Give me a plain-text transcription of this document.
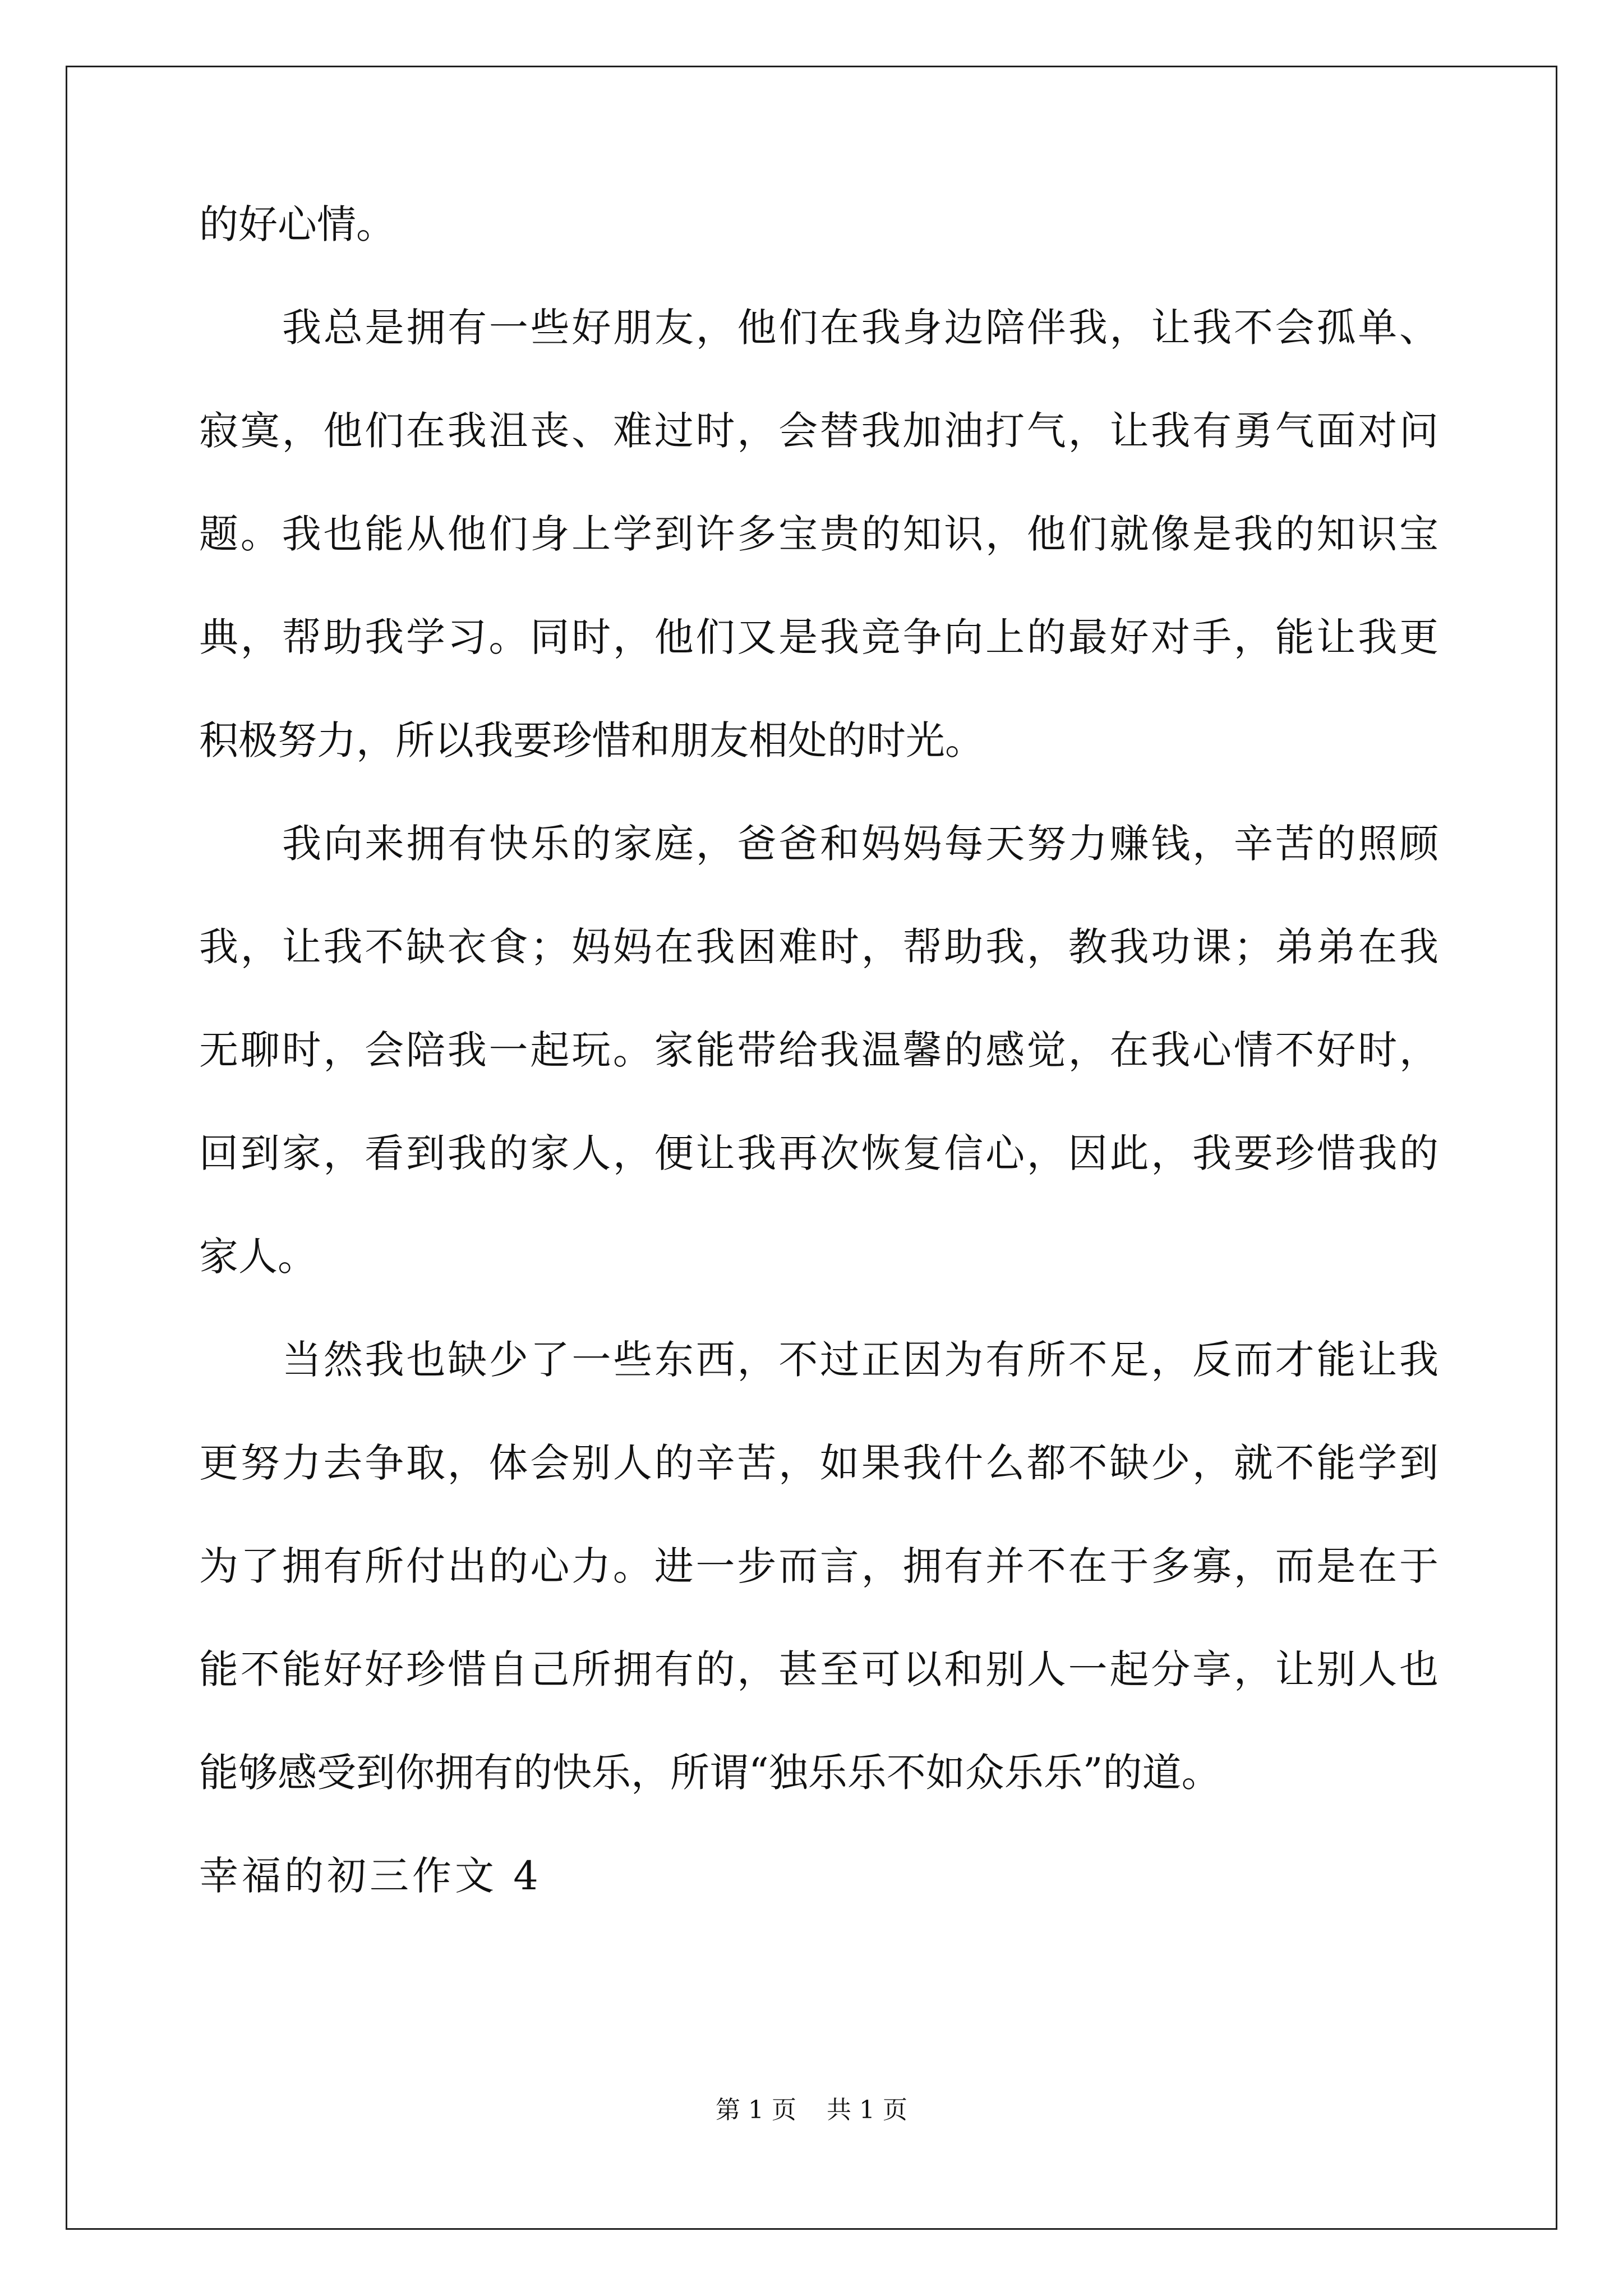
的好心情。
我总是拥有一些好朋友，他们在我身边陪伴我，让我不会孤单、
寂寞，他们在我沮丧、难过时，会替我加油打气，让我有勇气面对问
题。我也能从他们身上学到许多宝贵的知识，他们就像是我的知识宝
典，帮助我学习。同时，他们又是我竞争向上的最好对手，能让我更
积极努力，所以我要珍惜和朋友相处的时光。
我向来拥有快乐的家庭，爸爸和妈妈每天努力赚钱，辛苦的照顾
我，让我不缺衣食；妈妈在我困难时，帮助我，教我功课；弟弟在我
无聊时，会陪我一起玩。家能带给我温馨的感觉，在我心情不好时，
回到家，看到我的家人，便让我再次恢复信心，因此，我要珍惜我的
家人。
当然我也缺少了一些东西，不过正因为有所不足，反而才能让我
更努力去争取，体会别人的辛苦，如果我什么都不缺少，就不能学到
为了拥有所付出的心力。进一步而言，拥有并不在于多寡，而是在于
能不能好好珍惜自己所拥有的，甚至可以和别人一起分享，让别人也
能够感受到你拥有的快乐，所谓“独乐乐不如众乐乐”的道。
幸福的初三作文 4
第 1 页 共 1 页
